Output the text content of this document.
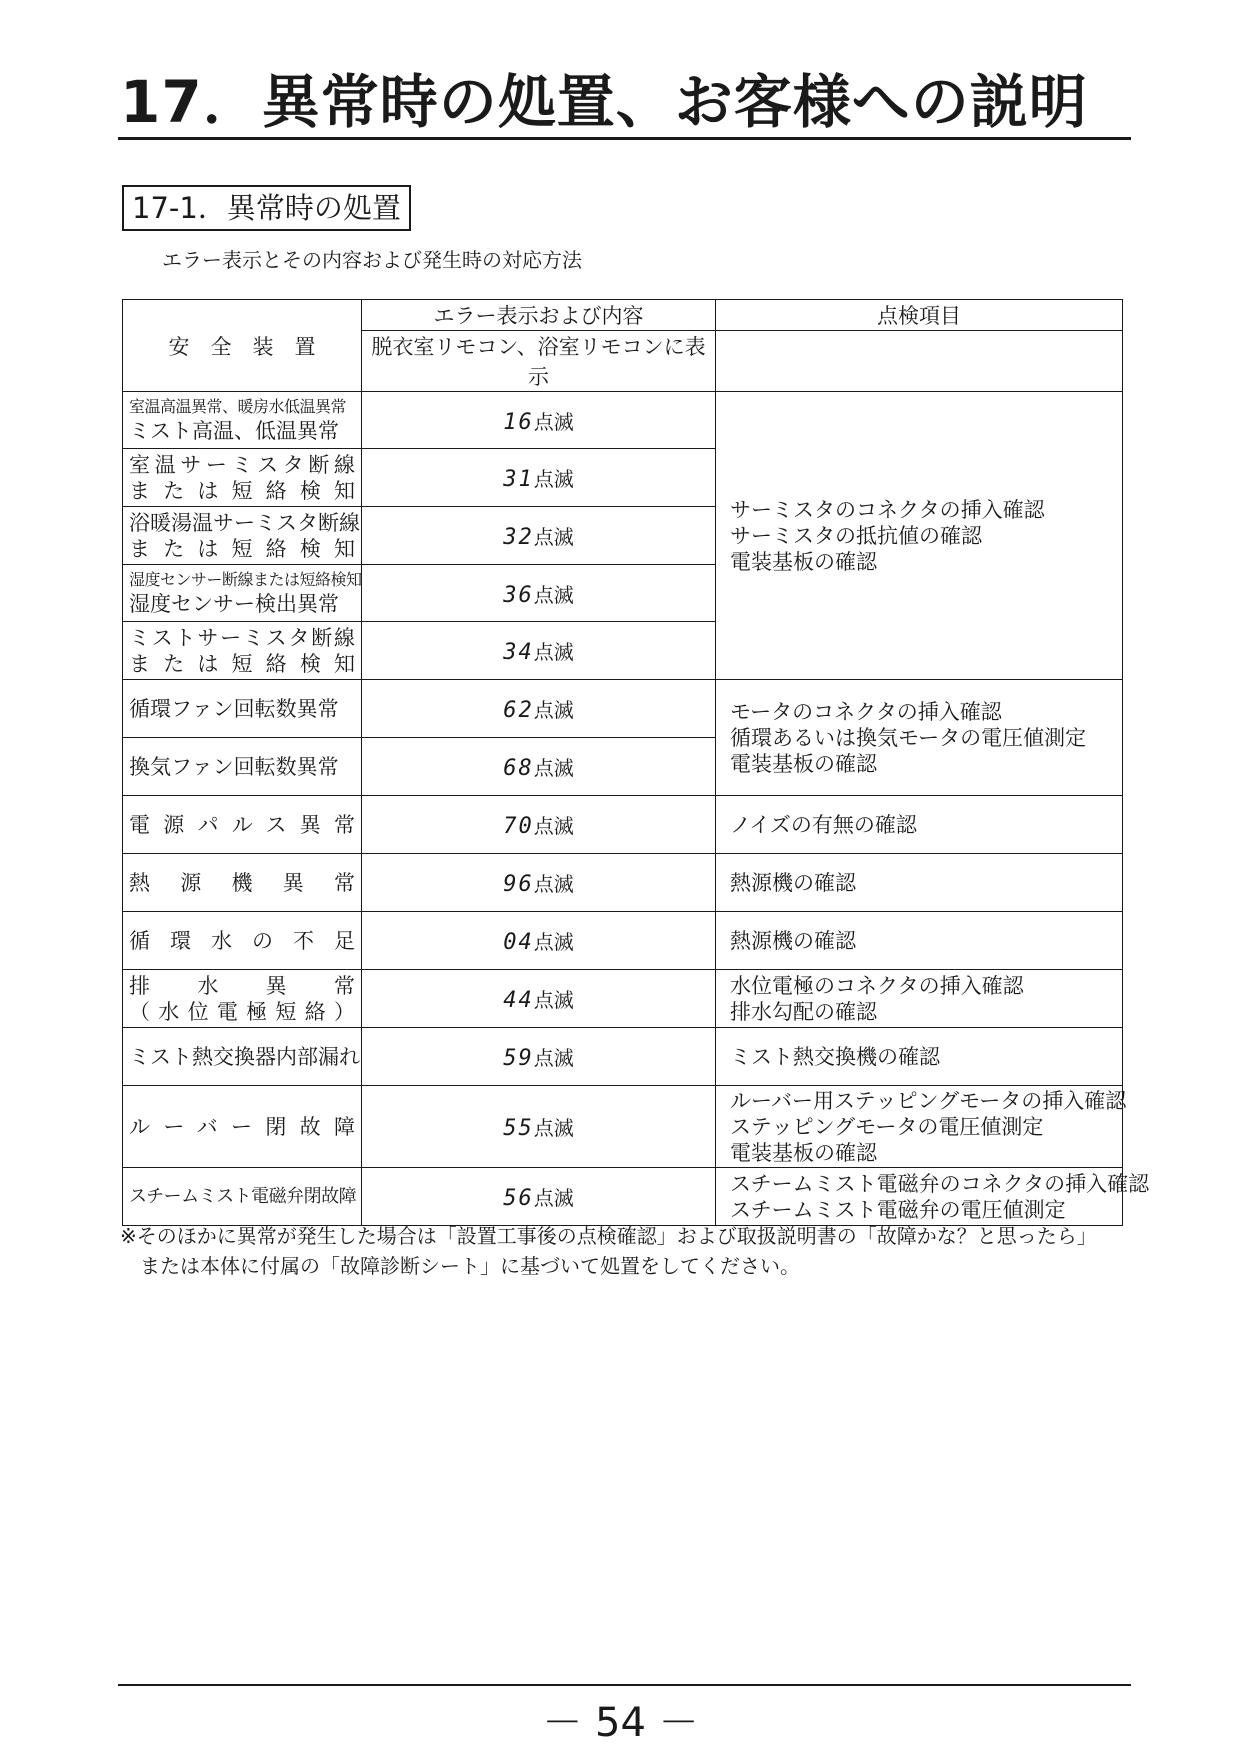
17．異常時の処置、お客様への説明
17-1．異常時の処置
エラー表示とその内容および発生時の対応方法
安　全　装　置	エラー表示および内容	点検項目
	脱衣室リモコン、浴室リモコンに表示	

室温高温異常、暖房水低温異常
ミスト高温、低温異常	16点滅	サーミスタのコネクタの挿入確認
サーミスタの抵抗値の確認
電装基板の確認

室温サーミスタ断線
または短絡検知	31点滅	

浴暖湯温サーミスタ断線
または短絡検知	32点滅	

湿度センサー断線または短絡検知
湿度センサー検出異常	36点滅	

ミストサーミスタ断線
または短絡検知	34点滅	

循環ファン回転数異常	62点滅	モータのコネクタの挿入確認
循環あるいは換気モータの電圧値測定
電装基板の確認

換気ファン回転数異常	68点滅	

電源パルス異常	70点滅	ノイズの有無の確認

熱源機異常	96点滅	熱源機の確認

循環水の不足	04点滅	熱源機の確認

排水異常
（水位電極短絡）	44点滅	水位電極のコネクタの挿入確認
排水勾配の確認

ミスト熱交換器内部漏れ	59点滅	ミスト熱交換機の確認

ルーバー閉故障	55点滅	ルーバー用ステッピングモータの挿入確認
ステッピングモータの電圧値測定
電装基板の確認

スチームミスト電磁弁閉故障	56点滅	スチームミスト電磁弁のコネクタの挿入確認
スチームミスト電磁弁の電圧値測定
※そのほかに異常が発生した場合は「設置工事後の点検確認」および取扱説明書の「故障かな？と思ったら」
または本体に付属の「故障診断シート」に基づいて処置をしてください。
－ 54 －
